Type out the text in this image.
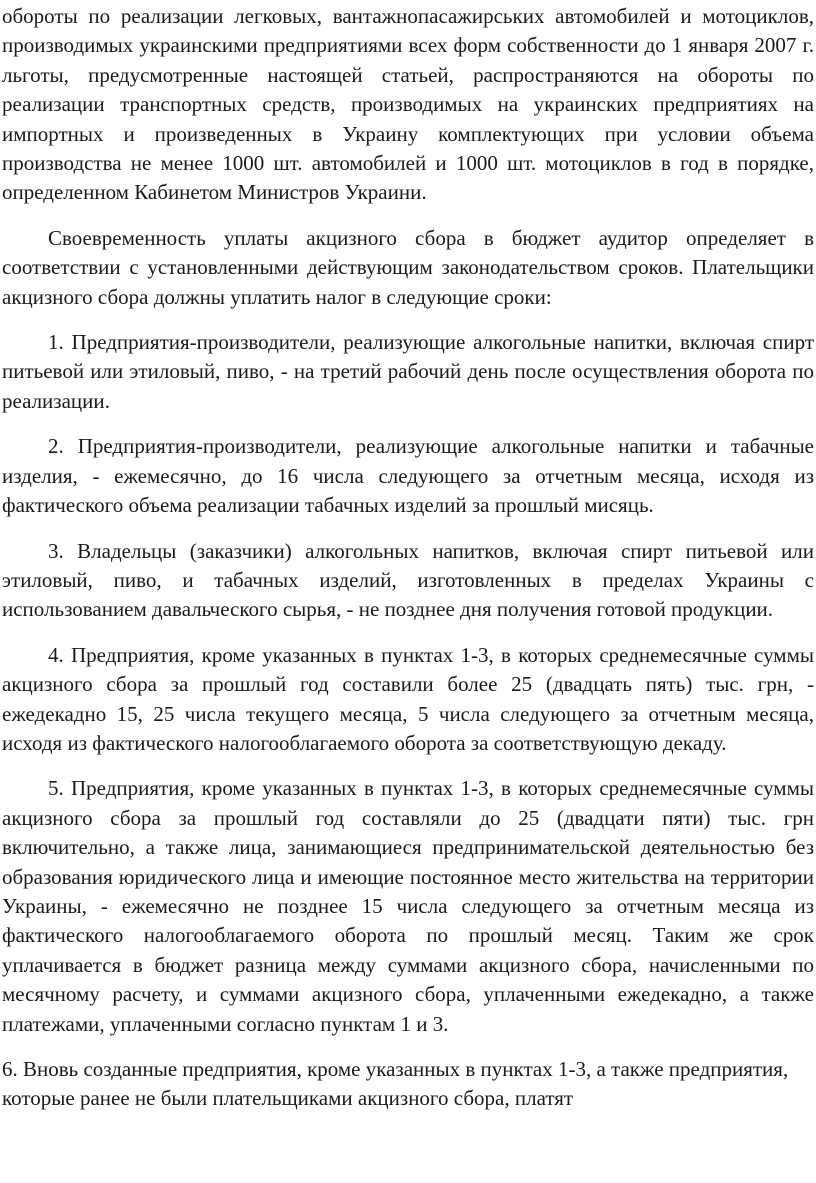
обороты по реализации легковых, вантажнопасажирських автомобилей и мотоциклов, производимых украинскими предприятиями всех форм собственности до 1 января 2007 г. льготы, предусмотренные настоящей статьей, распространяются на обороты по реализации транспортных средств, производимых на украинских предприятиях на импортных и произведенных в Украину комплектующих при условии объема производства не менее 1000 шт. автомобилей и 1000 шт. мотоциклов в год в порядке, определенном Кабинетом Министров Украини.

Своевременность уплаты акцизного сбора в бюджет аудитор определяет в соответствии с установленными действующим законодательством сроков. Плательщики акцизного сбора должны уплатить налог в следующие сроки:

1. Предприятия-производители, реализующие алкогольные напитки, включая спирт питьевой или этиловый, пиво, - на третий рабочий день после осуществления оборота по реализации.

2. Предприятия-производители, реализующие алкогольные напитки и табачные изделия, - ежемесячно, до 16 числа следующего за отчетным месяца, исходя из фактического объема реализации табачных изделий за прошлый мисяць.

3. Владельцы (заказчики) алкогольных напитков, включая спирт питьевой или этиловый, пиво, и табачных изделий, изготовленных в пределах Украины с использованием давальческого сырья, - не позднее дня получения готовой продукции.

4. Предприятия, кроме указанных в пунктах 1-3, в которых среднемесячные суммы акцизного сбора за прошлый год составили более 25 (двадцать пять) тыс. грн, - ежедекадно 15, 25 числа текущего месяца, 5 числа следующего за отчетным месяца, исходя из фактического налогооблагаемого оборота за соответствующую декаду.

5. Предприятия, кроме указанных в пунктах 1-3, в которых среднемесячные суммы акцизного сбора за прошлый год составляли до 25 (двадцати пяти) тыс. грн включительно, а также лица, занимающиеся предпринимательской деятельностью без образования юридического лица и имеющие постоянное место жительства на территории Украины, - ежемесячно не позднее 15 числа следующего за отчетным месяца из фактического налогооблагаемого оборота по прошлый месяц. Таким же срок уплачивается в бюджет разница между суммами акцизного сбора, начисленными по месячному расчету, и суммами акцизного сбора, уплаченными ежедекадно, а также платежами, уплаченными согласно пунктам 1 и 3.

6. Вновь созданные предприятия, кроме указанных в пунктах 1-3, а также предприятия, которые ранее не были плательщиками акцизного сбора, платят
